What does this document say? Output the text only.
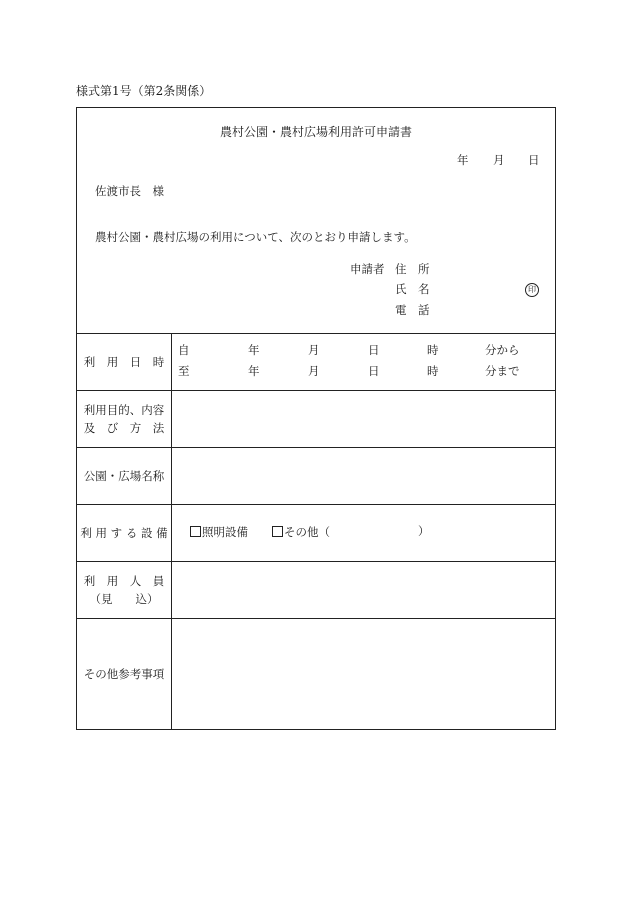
様式第1号（第2条関係）
農村公園・農村広場利用許可申請書
年 月 日
佐渡市長　様
農村公園・農村広場の利用について、次のとおり申請します。
申請者 住　所
氏　名	印
電　話
利　用　日　時
自	年	月	日	時	分から
至	年	月	日	時	分まで
利用目的、内容
及　び　方　法
公園・広場名称
利 用 す る 設 備	照明設備	その他（	）
利　用　人　員
（見　　込）
その他参考事項
